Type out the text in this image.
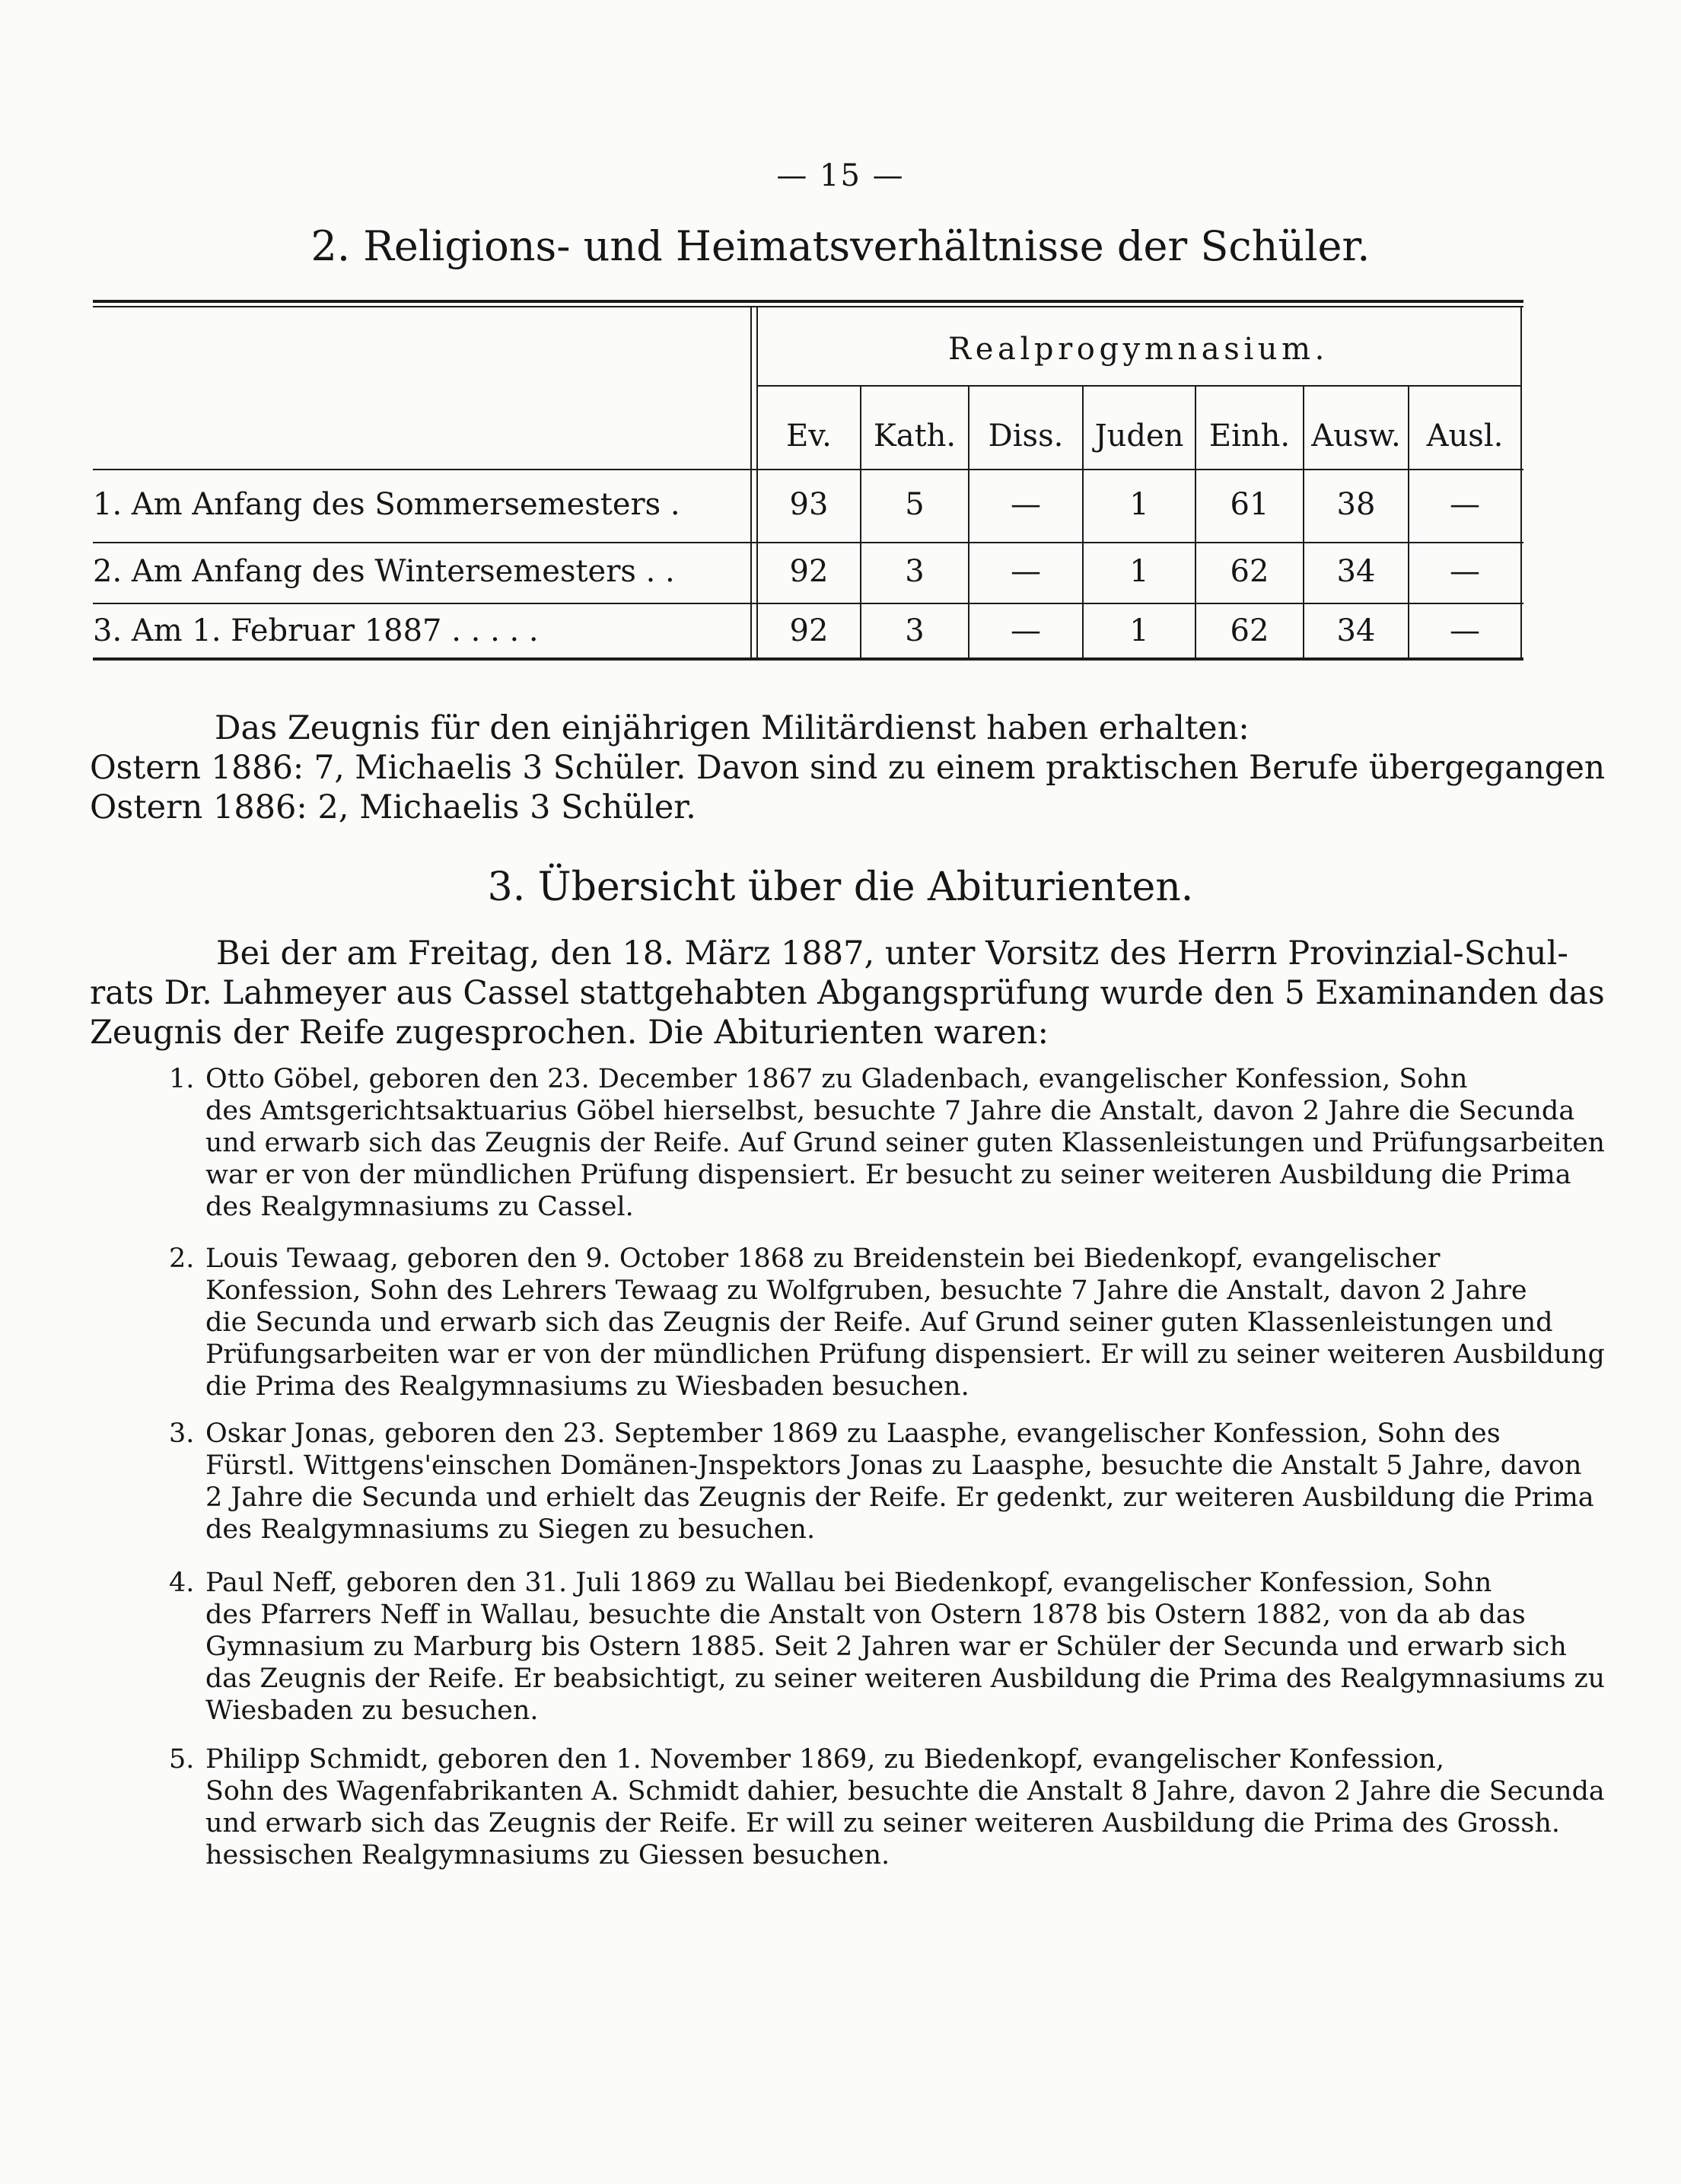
— 15 —
2. Religions- und Heimatsverhältnisse der Schüler.
Realprogymnasium.
Ev.	Kath.	Diss.	Juden Einh. Ausw. Ausl.
1. Am Anfang des Sommersemesters .	93	5	—	1	61	38	—
2. Am Anfang des Wintersemesters . .	92	3	—	1	62	34	—
3. Am 1. Februar 1887 . . . . .	92	3	—	1	62	34	—
Das Zeugnis für den einjährigen Militärdienst haben erhalten:
Ostern 1886: 7, Michaelis 3 Schüler. Davon sind zu einem praktischen Berufe übergegangen
Ostern 1886: 2, Michaelis 3 Schüler.
3. Übersicht über die Abiturienten.
Bei der am Freitag, den 18. März 1887, unter Vorsitz des Herrn Provinzial-Schul-
rats Dr. Lahmeyer aus Cassel stattgehabten Abgangsprüfung wurde den 5 Examinanden das
Zeugnis der Reife zugesprochen. Die Abiturienten waren:
1. Otto Göbel, geboren den 23. December 1867 zu Gladenbach, evangelischer Konfession, Sohn
des Amtsgerichtsaktuarius Göbel hierselbst, besuchte 7 Jahre die Anstalt, davon 2 Jahre die Secunda
und erwarb sich das Zeugnis der Reife. Auf Grund seiner guten Klassenleistungen und Prüfungsarbeiten
war er von der mündlichen Prüfung dispensiert. Er besucht zu seiner weiteren Ausbildung die Prima
des Realgymnasiums zu Cassel.
2. Louis Tewaag, geboren den 9. October 1868 zu Breidenstein bei Biedenkopf, evangelischer
Konfession, Sohn des Lehrers Tewaag zu Wolfgruben, besuchte 7 Jahre die Anstalt, davon 2 Jahre
die Secunda und erwarb sich das Zeugnis der Reife. Auf Grund seiner guten Klassenleistungen und
Prüfungsarbeiten war er von der mündlichen Prüfung dispensiert. Er will zu seiner weiteren Ausbildung
die Prima des Realgymnasiums zu Wiesbaden besuchen.
3. Oskar Jonas, geboren den 23. September 1869 zu Laasphe, evangelischer Konfession, Sohn des
Fürstl. Wittgens'einschen Domänen-Jnspektors Jonas zu Laasphe, besuchte die Anstalt 5 Jahre, davon
2 Jahre die Secunda und erhielt das Zeugnis der Reife. Er gedenkt, zur weiteren Ausbildung die Prima
des Realgymnasiums zu Siegen zu besuchen.
4. Paul Neff, geboren den 31. Juli 1869 zu Wallau bei Biedenkopf, evangelischer Konfession, Sohn
des Pfarrers Neff in Wallau, besuchte die Anstalt von Ostern 1878 bis Ostern 1882, von da ab das
Gymnasium zu Marburg bis Ostern 1885. Seit 2 Jahren war er Schüler der Secunda und erwarb sich
das Zeugnis der Reife. Er beabsichtigt, zu seiner weiteren Ausbildung die Prima des Realgymnasiums zu
Wiesbaden zu besuchen.
5. Philipp Schmidt, geboren den 1. November 1869, zu Biedenkopf, evangelischer Konfession,
Sohn des Wagenfabrikanten A. Schmidt dahier, besuchte die Anstalt 8 Jahre, davon 2 Jahre die Secunda
und erwarb sich das Zeugnis der Reife. Er will zu seiner weiteren Ausbildung die Prima des Grossh.
hessischen Realgymnasiums zu Giessen besuchen.
